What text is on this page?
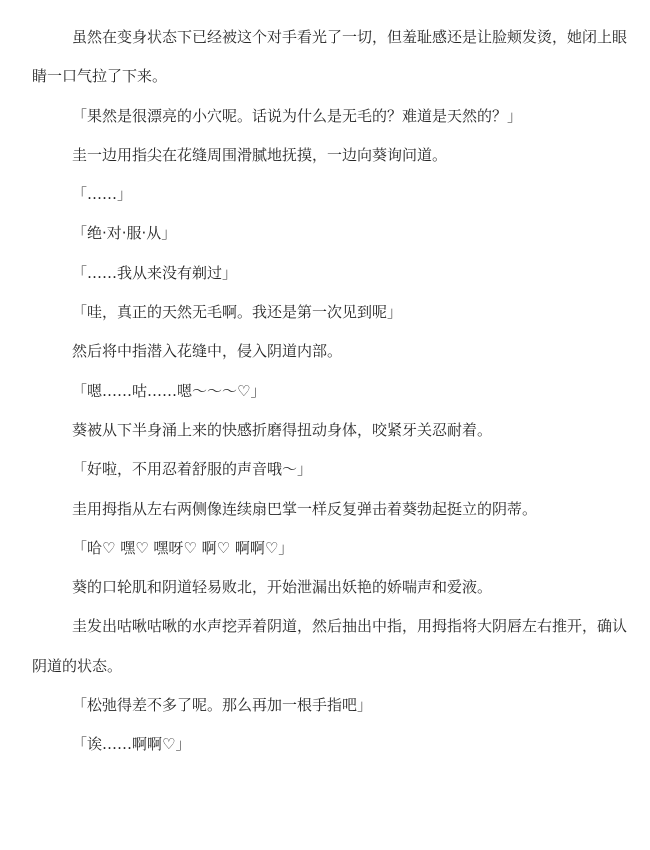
虽然在变身状态下已经被这个对手看光了一切，但羞耻感还是让脸颊发烫，她闭上眼睛一口气拉了下来。

「果然是很漂亮的小穴呢。话说为什么是无毛的？难道是天然的？」

圭一边用指尖在花缝周围滑腻地抚摸，一边向葵询问道。

「……」

「绝·对·服·从」

「……我从来没有剃过」

「哇，真正的天然无毛啊。我还是第一次见到呢」

然后将中指潜入花缝中，侵入阴道内部。

「嗯……咕……嗯～～～♡」

葵被从下半身涌上来的快感折磨得扭动身体，咬紧牙关忍耐着。

「好啦，不用忍着舒服的声音哦～」

圭用拇指从左右两侧像连续扇巴掌一样反复弹击着葵勃起挺立的阴蒂。

「哈♡ 嘿♡ 嘿呀♡ 啊♡ 啊啊♡」

葵的口轮肌和阴道轻易败北，开始泄漏出妖艳的娇喘声和爱液。

圭发出咕啾咕啾的水声挖弄着阴道，然后抽出中指，用拇指将大阴唇左右推开，确认阴道的状态。

「松弛得差不多了呢。那么再加一根手指吧」

「诶……啊啊♡」
